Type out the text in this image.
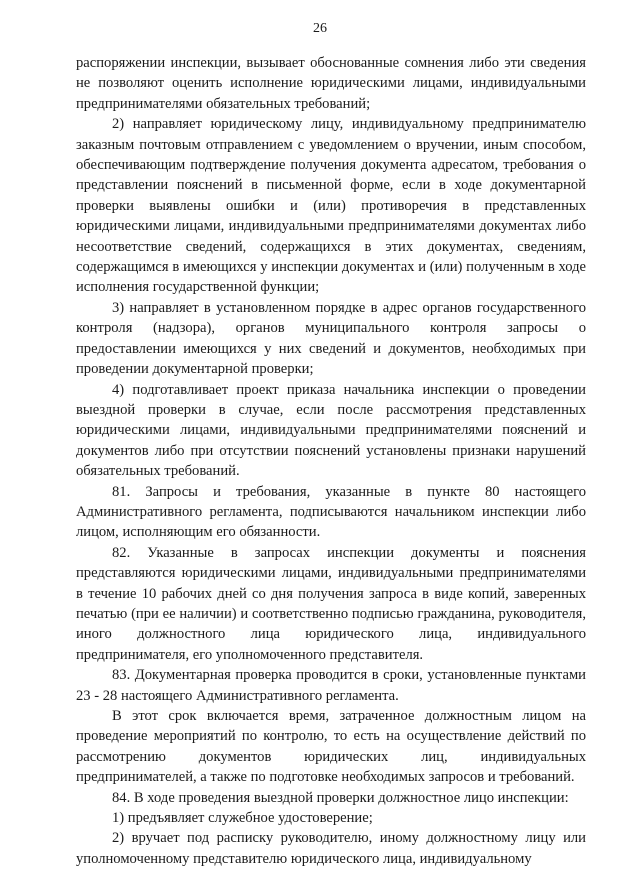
26

распоряжении инспекции, вызывает обоснованные сомнения либо эти сведения не позволяют оценить исполнение юридическими лицами, индивидуальными предпринимателями обязательных требований;

2) направляет юридическому лицу, индивидуальному предпринимателю заказным почтовым отправлением с уведомлением о вручении, иным способом, обеспечивающим подтверждение получения документа адресатом, требования о представлении пояснений в письменной форме, если в ходе документарной проверки выявлены ошибки и (или) противоречия в представленных юридическими лицами, индивидуальными предпринимателями документах либо несоответствие сведений, содержащихся в этих документах, сведениям, содержащимся в имеющихся у инспекции документах и (или) полученным в ходе исполнения государственной функции;

3) направляет в установленном порядке в адрес органов государственного контроля (надзора), органов муниципального контроля запросы о предоставлении имеющихся у них сведений и документов, необходимых при проведении документарной проверки;

4) подготавливает проект приказа начальника инспекции о проведении выездной проверки в случае, если после рассмотрения представленных юридическими лицами, индивидуальными предпринимателями пояснений и документов либо при отсутствии пояснений установлены признаки нарушений обязательных требований.

81. Запросы и требования, указанные в пункте 80 настоящего Административного регламента, подписываются начальником инспекции либо лицом, исполняющим его обязанности.

82. Указанные в запросах инспекции документы и пояснения представляются юридическими лицами, индивидуальными предпринимателями в течение 10 рабочих дней со дня получения запроса в виде копий, заверенных печатью (при ее наличии) и соответственно подписью гражданина, руководителя, иного должностного лица юридического лица, индивидуального предпринимателя, его уполномоченного представителя.

83. Документарная проверка проводится в сроки, установленные пунктами 23 - 28 настоящего Административного регламента.

В этот срок включается время, затраченное должностным лицом на проведение мероприятий по контролю, то есть на осуществление действий по рассмотрению документов юридических лиц, индивидуальных предпринимателей, а также по подготовке необходимых запросов и требований.

84. В ходе проведения выездной проверки должностное лицо инспекции:

1) предъявляет служебное удостоверение;

2) вручает под расписку руководителю, иному должностному лицу или уполномоченному представителю юридического лица, индивидуальному
